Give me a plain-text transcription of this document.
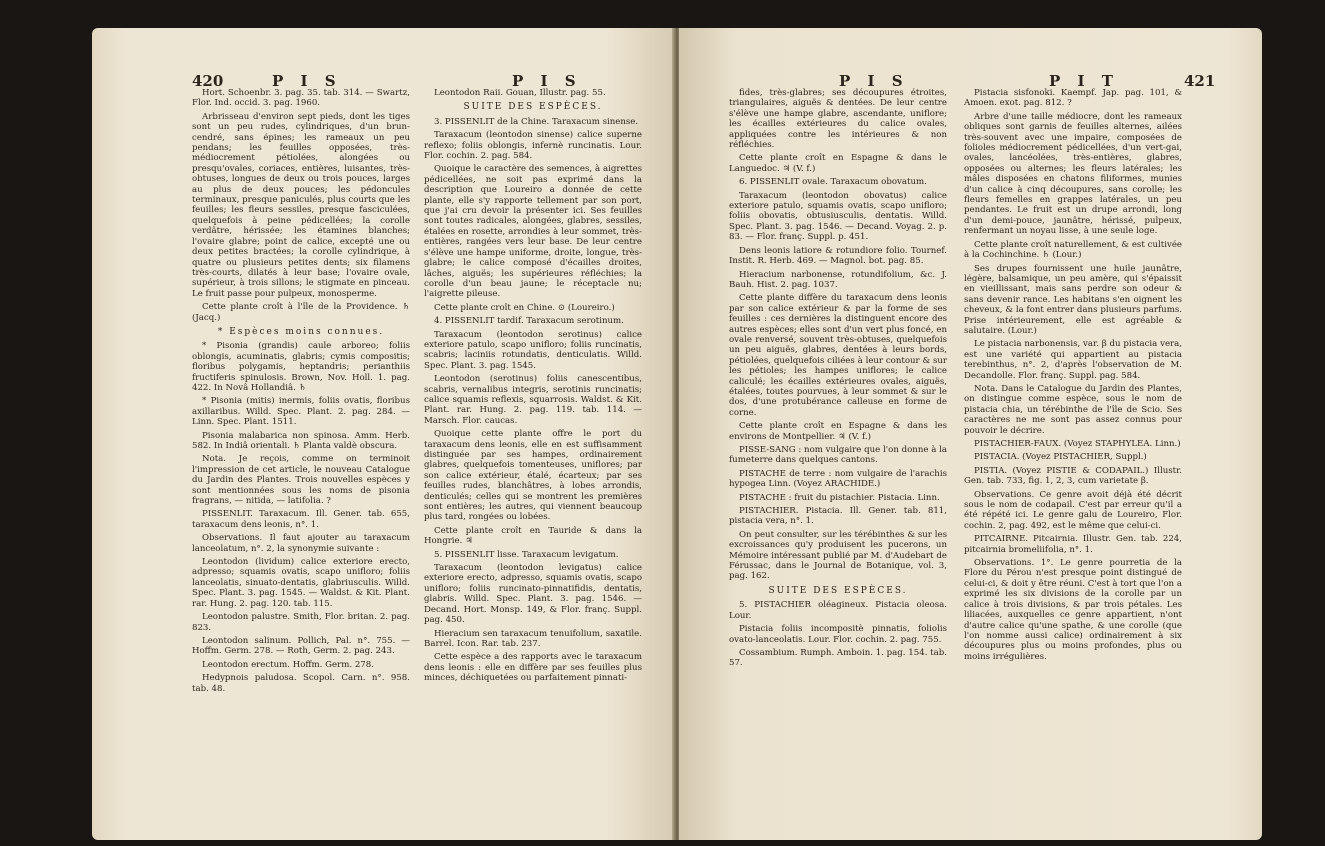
420	P I S	P I S

Hort. Schoenbr. 3. pag. 35. tab. 314. — Swartz, Flor. Ind. occid. 3. pag. 1960.

Arbrisseau d'environ sept pieds, dont les tiges sont un peu rudes, cylindriques, d'un brun-cendré, sans épines; les rameaux un peu pendans; les feuilles opposées, très-médiocrement pétiolées, alongées ou presqu'ovales, coriaces, entières, luisantes, très-obtuses, longues de deux ou trois pouces, larges au plus de deux pouces; les pédoncules terminaux, presque paniculés, plus courts que les feuilles; les fleurs sessiles, presque fasciculées, quelquefois à peine pédicellées; la corolle verdâtre, hérissée; les étamines blanches; l'ovaire glabre; point de calice, excepté une ou deux petites bractées; la corolle cylindrique, à quatre ou plusieurs petites dents; six filamens très-courts, dilatés à leur base; l'ovaire ovale, supérieur, à trois sillons; le stigmate en pinceau. Le fruit passe pour pulpeux, monosperme.

Cette plante croît à l'île de la Providence. ♄ (Jacq.)

* Espèces moins connues.

* Pisonia (grandis) caule arboreo; foliis oblongis, acuminatis, glabris; cymis compositis; floribus polygamis, heptandris; perianthiis fructiferis spinulosis. Brown, Nov. Holl. 1. pag. 422. In Novâ Hollandiâ. ♄

* Pisonia (mitis) inermis, foliis ovatis, floribus axillaribus. Willd. Spec. Plant. 2. pag. 284. — Linn. Spec. Plant. 1511.

Pisonia malabarica non spinosa. Amm. Herb. 582. In Indiâ orientali. ♄ Planta valdè obscura.

Nota. Je reçois, comme on terminoit l'impression de cet article, le nouveau Catalogue du Jardin des Plantes. Trois nouvelles espèces y sont mentionnées sous les noms de pisonia fragrans, — nitida, — latifolia. ?

PISSENLIT. Taraxacum. Ill. Gener. tab. 655, taraxacum dens leonis, n°. 1.

Observations. Il faut ajouter au taraxacum lanceolatum, n°. 2, la synonymie suivante :

Leontodon (lividum) calice exteriore erecto, adpresso; squamis ovatis, scapo unifloro; foliis lanceolatis, sinuato-dentatis, glabriusculis. Willd. Spec. Plant. 3. pag. 1545. — Waldst. & Kit. Plant. rar. Hung. 2. pag. 120. tab. 115.

Leontodon palustre. Smith, Flor. britan. 2. pag. 823.

Leontodon salinum. Pollich, Pal. n°. 755. — Hoffm. Germ. 278. — Roth, Germ. 2. pag. 243.

Leontodon erectum. Hoffm. Germ. 278.

Hedypnois paludosa. Scopol. Carn. n°. 958. tab. 48.

Leontodon Raii. Gouan, Illustr. pag. 55.

SUITE DES ESPÈCES.

3. PISSENLIT de la Chine. Taraxacum sinense.

Taraxacum (leontodon sinense) calice superne reflexo; foliis oblongis, infernè runcinatis. Lour. Flor. cochin. 2. pag. 584.

Quoique le caractère des semences, à aigrettes pédicellées, ne soit pas exprimé dans la description que Loureiro a donnée de cette plante, elle s'y rapporte tellement par son port, que j'ai cru devoir la présenter ici. Ses feuilles sont toutes radicales, alongées, glabres, sessiles, étalées en rosette, arrondies à leur sommet, très-entières, rangées vers leur base. De leur centre s'élève une hampe uniforme, droite, longue, très-glabre; le calice composé d'écailles droites, lâches, aiguës; les supérieures réfléchies; la corolle d'un beau jaune; le réceptacle nu; l'aigrette pileuse.

Cette plante croît en Chine. ⊙ (Loureiro.)

4. PISSENLIT tardif. Taraxacum serotinum.

Taraxacum (leontodon serotinus) calice exteriore patulo, scapo unifloro; foliis runcinatis, scabris; laciniis rotundatis, denticulatis. Willd. Spec. Plant. 3. pag. 1545.

Leontodon (serotinus) foliis canescentibus, scabris, vernalibus integris, serotinis runcinatis; calice squamis reflexis, squarrosis. Waldst. & Kit. Plant. rar. Hung. 2. pag. 119. tab. 114. — Marsch. Flor. caucas.

Quoique cette plante offre le port du taraxacum dens leonis, elle en est suffisamment distinguée par ses hampes, ordinairement glabres, quelquefois tomenteuses, uniflores; par son calice extérieur, étalé, écarteux; par ses feuilles rudes, blanchâtres, à lobes arrondis, denticulés; celles qui se montrent les premières sont entières; les autres, qui viennent beaucoup plus tard, rongées ou lobées.

Cette plante croît en Tauride & dans la Hongrie. ♃

5. PISSENLIT lisse. Taraxacum levigatum.

Taraxacum (leontodon levigatus) calice exteriore erecto, adpresso, squamis ovatis, scapo unifloro; foliis runcinato-pinnatifidis, dentatis, glabris. Willd. Spec. Plant. 3. pag. 1546. — Decand. Hort. Monsp. 149, & Flor. franç. Suppl. pag. 450.

Hieracium sen taraxacum tenuifolium, saxatile. Barrel. Icon. Rar. tab. 237.

Cette espèce a des rapports avec le taraxacum dens leonis : elle en diffère par ses feuilles plus minces, déchiquetées ou parfaitement pinnati-

P I S	P I T	421

fides, très-glabres; ses découpures étroites, triangulaires, aiguës & dentées. De leur centre s'élève une hampe glabre, ascendante, uniflore; les écailles extérieures du calice ovales, appliquées contre les intérieures & non réfléchies.

Cette plante croît en Espagne & dans le Languedoc. ♃ (V. f.)

6. PISSENLIT ovale. Taraxacum obovatum.

Taraxacum (leontodon obovatus) calice exteriore patulo, squamis ovatis, scapo unifloro; foliis obovatis, obtusiusculis, dentatis. Willd. Spec. Plant. 3. pag. 1546. — Decand. Voyag. 2. p. 83. — Flor. franç. Suppl. p. 451.

Dens leonis latiore & rotundiore folio. Tournef. Instit. R. Herb. 469. — Magnol. bot. pag. 85.

Hieracium narbonense, rotundifolium, &c. J. Bauh. Hist. 2. pag. 1037.

Cette plante diffère du taraxacum dens leonis par son calice extérieur & par la forme de ses feuilles : ces dernières la distinguent encore des autres espèces; elles sont d'un vert plus foncé, en ovale renversé, souvent très-obtuses, quelquefois un peu aiguës, glabres, dentées à leurs bords, pétiolées, quelquefois ciliées à leur contour & sur les pétioles; les hampes uniflores; le calice caliculé; les écailles extérieures ovales, aiguës, étalées, toutes pourvues, à leur sommet & sur le dos, d'une protubérance calleuse en forme de corne.

Cette plante croît en Espagne & dans les environs de Montpellier. ♃ (V. f.)

PISSE-SANG : nom vulgaire que l'on donne à la fumeterre dans quelques cantons.

PISTACHE de terre : nom vulgaire de l'arachis hypogea Linn. (Voyez ARACHIDE.)

PISTACHE : fruit du pistachier. Pistacia. Linn.

PISTACHIER. Pistacia. Ill. Gener. tab. 811, pistacia vera, n°. 1.

On peut consulter, sur les térébinthes & sur les excroissances qu'y produisent les pucerons, un Mémoire intéressant publié par M. d'Audebart de Férussac, dans le Journal de Botanique, vol. 3, pag. 162.

SUITE DES ESPÈCES.

5. PISTACHIER oléagineux. Pistacia oleosa. Lour.

Pistacia foliis incompositè pinnatis, foliolis ovato-lanceolatis. Lour. Flor. cochin. 2. pag. 755.

Cossambium. Rumph. Amboin. 1. pag. 154. tab. 57.

Pistacia sisfonoki. Kaempf. Jap. pag. 101, & Amoen. exot. pag. 812. ?

Arbre d'une taille médiocre, dont les rameaux obliques sont garnis de feuilles alternes, ailées très-souvent avec une impaire, composées de folioles médiocrement pédicellées, d'un vert-gai, ovales, lancéolées, très-entières, glabres, opposées ou alternes; les fleurs latérales; les mâles disposées en chatons filiformes, munies d'un calice à cinq découpures, sans corolle; les fleurs femelles en grappes latérales, un peu pendantes. Le fruit est un drupe arrondi, long d'un demi-pouce, jaunâtre, hérissé, pulpeux, renfermant un noyau lisse, à une seule loge.

Cette plante croît naturellement, & est cultivée à la Cochinchine. ♄ (Lour.)

Ses drupes fournissent une huile jaunâtre, légère, balsamique, un peu amère, qui s'épaissit en vieillissant, mais sans perdre son odeur & sans devenir rance. Les habitans s'en oignent les cheveux, & la font entrer dans plusieurs parfums. Prise intérieurement, elle est agréable & salutaire. (Lour.)

Le pistacia narbonensis, var. β du pistacia vera, est une variété qui appartient au pistacia terebinthus, n°. 2, d'après l'observation de M. Decandolle. Flor. franç. Suppl. pag. 584.

Nota. Dans le Catalogue du Jardin des Plantes, on distingue comme espèce, sous le nom de pistacia chia, un térébinthe de l'île de Scio. Ses caractères ne me sont pas assez connus pour pouvoir le décrire.

PISTACHIER-FAUX. (Voyez STAPHYLEA. Linn.)

PISTACIA. (Voyez PISTACHIER, Suppl.)

PISTIA. (Voyez PISTIE & CODAPAIL.) Illustr. Gen. tab. 733, fig. 1, 2, 3, cum varietate β.

Observations. Ce genre avoit déjà été décrit sous le nom de codapail. C'est par erreur qu'il a été répété ici. Le genre galu de Loureiro, Flor. cochin. 2, pag. 492, est le même que celui-ci.

PITCAIRNE. Pitcairnia. Illustr. Gen. tab. 224, pitcairnia bromeliifolia, n°. 1.

Observations. 1°. Le genre pourretia de la Flore du Pérou n'est presque point distingué de celui-ci, & doit y être réuni. C'est à tort que l'on a exprimé les six divisions de la corolle par un calice à trois divisions, & par trois pétales. Les liliacées, auxquelles ce genre appartient, n'ont d'autre calice qu'une spathe, & une corolle (que l'on nomme aussi calice) ordinairement à six découpures plus ou moins profondes, plus ou moins irrégulières.
